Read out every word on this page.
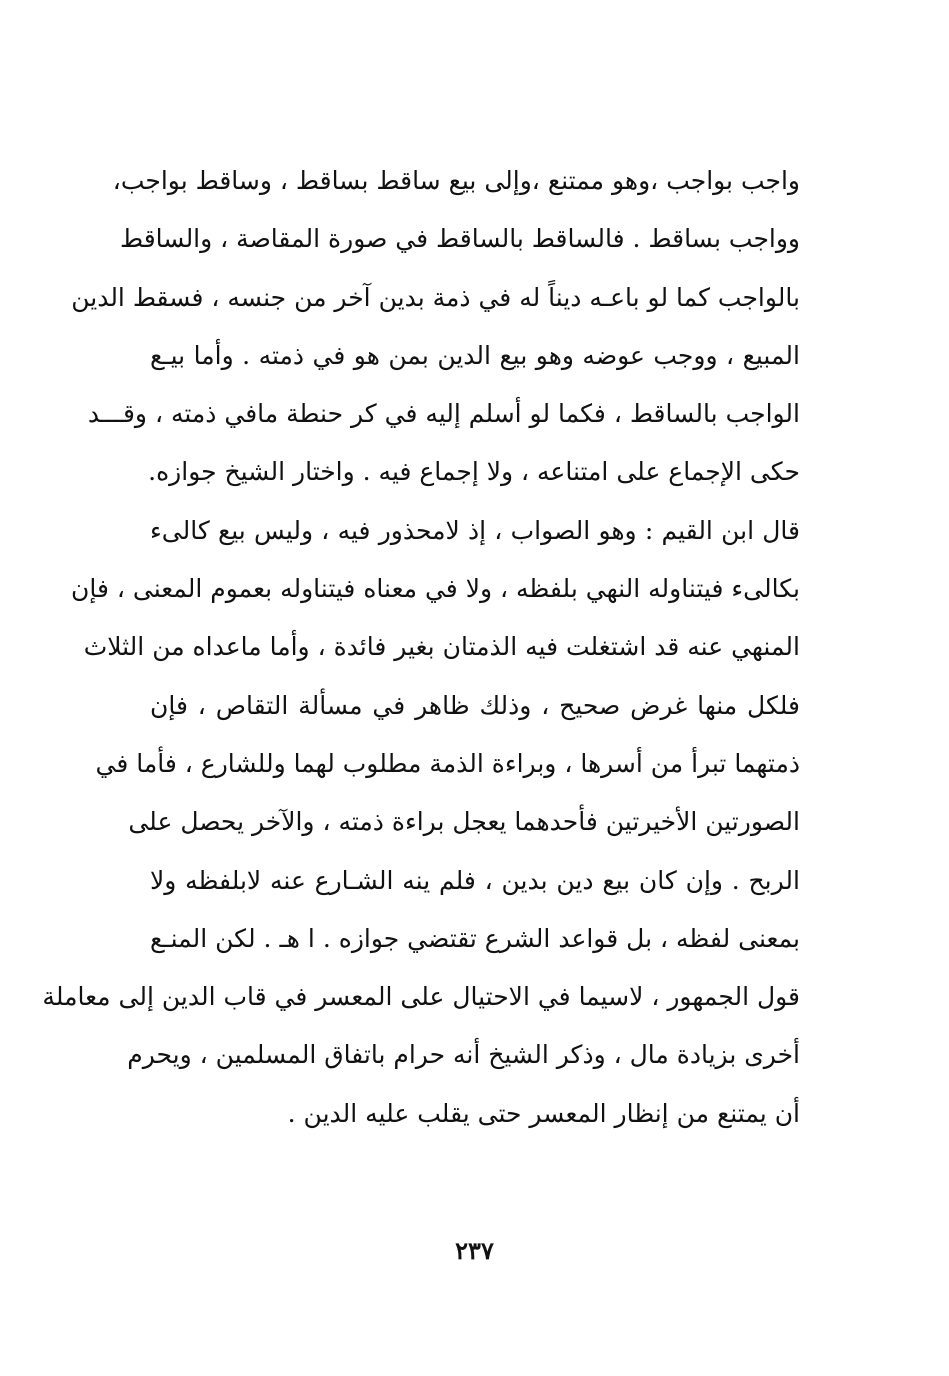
واجب بواجب ،وهو ممتنع ،وإلى بيع ساقط بساقط ، وساقط بواجب،
وواجب بساقط . فالساقط بالساقط في صورة المقاصة ، والساقط
بالواجب كما لو باعـه ديناً له في ذمة بدين آخر من جنسه ، فسقط الدين
المبيع ، ووجب عوضه وهو بيع الدين بمن هو في ذمته . وأما بيـع
الواجب بالساقط ، فكما لو أسلم إليه في كر حنطة مافي ذمته ، وقـــد
حكى الإجماع على امتناعه ، ولا إجماع فيه . واختار الشيخ جوازه.
قال ابن القيم : وهو الصواب ، إذ لامحذور فيه ، وليس بيع كالىء
بكالىء فيتناوله النهي بلفظه ، ولا في معناه فيتناوله بعموم المعنى ، فإن
المنهي عنه قد اشتغلت فيه الذمتان بغير فائدة ، وأما ماعداه من الثلاث
فلكل منها غرض صحيح ، وذلك ظاهر في مسألة التقاص ، فإن
ذمتهما تبرأ من أسرها ، وبراءة الذمة مطلوب لهما وللشارع ، فأما في
الصورتين الأخيرتين فأحدهما يعجل براءة ذمته ، والآخر يحصل على
الربح . وإن كان بيع دين بدين ، فلم ينه الشـارع عنه لابلفظه ولا
بمعنى لفظه ، بل قواعد الشرع تقتضي جوازه . ا هـ . لكن المنـع
قول الجمهور ، لاسيما في الاحتيال على المعسر في قاب الدين إلى معاملة
أخرى بزيادة مال ، وذكر الشيخ أنه حرام باتفاق المسلمين ، ويحرم
أن يمتنع من إنظار المعسر حتى يقلب عليه الدين .
٢٣٧
